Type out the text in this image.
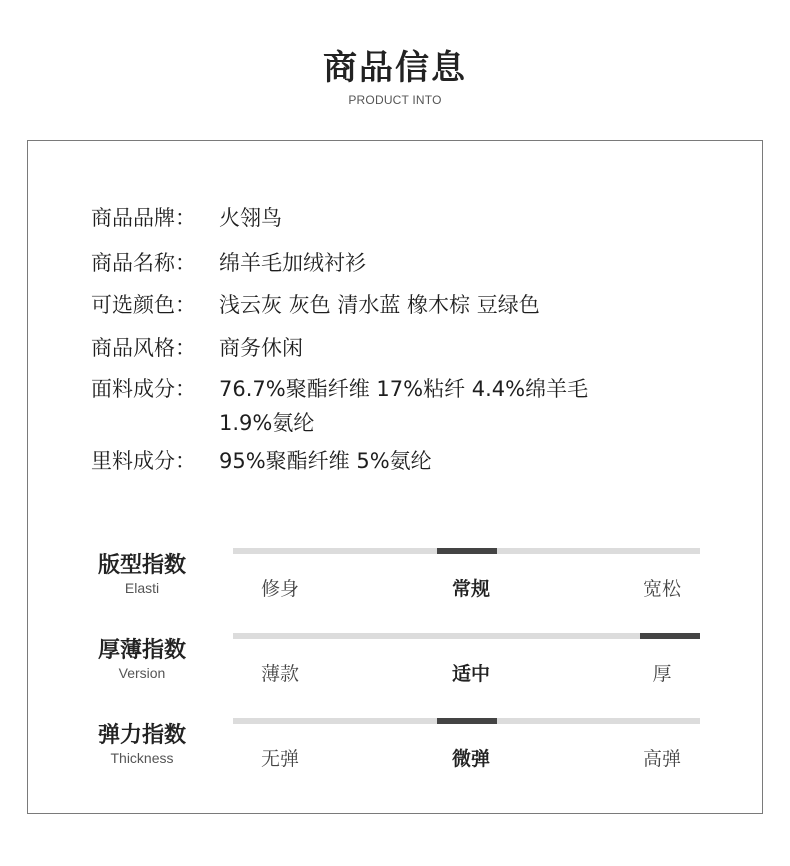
商品信息
PRODUCT INTO
商品品牌： 火翎鸟
商品名称： 绵羊毛加绒衬衫
可选颜色： 浅云灰 灰色 清水蓝 橡木棕 豆绿色
商品风格： 商务休闲
面料成分： 76.7%聚酯纤维 17%粘纤 4.4%绵羊毛
1.9%氨纶
里料成分： 95%聚酯纤维 5%氨纶
版型指数
Elasti	修身	常规	宽松
厚薄指数
Version	薄款	适中	厚
弹力指数
Thickness	无弹	微弹	高弹
